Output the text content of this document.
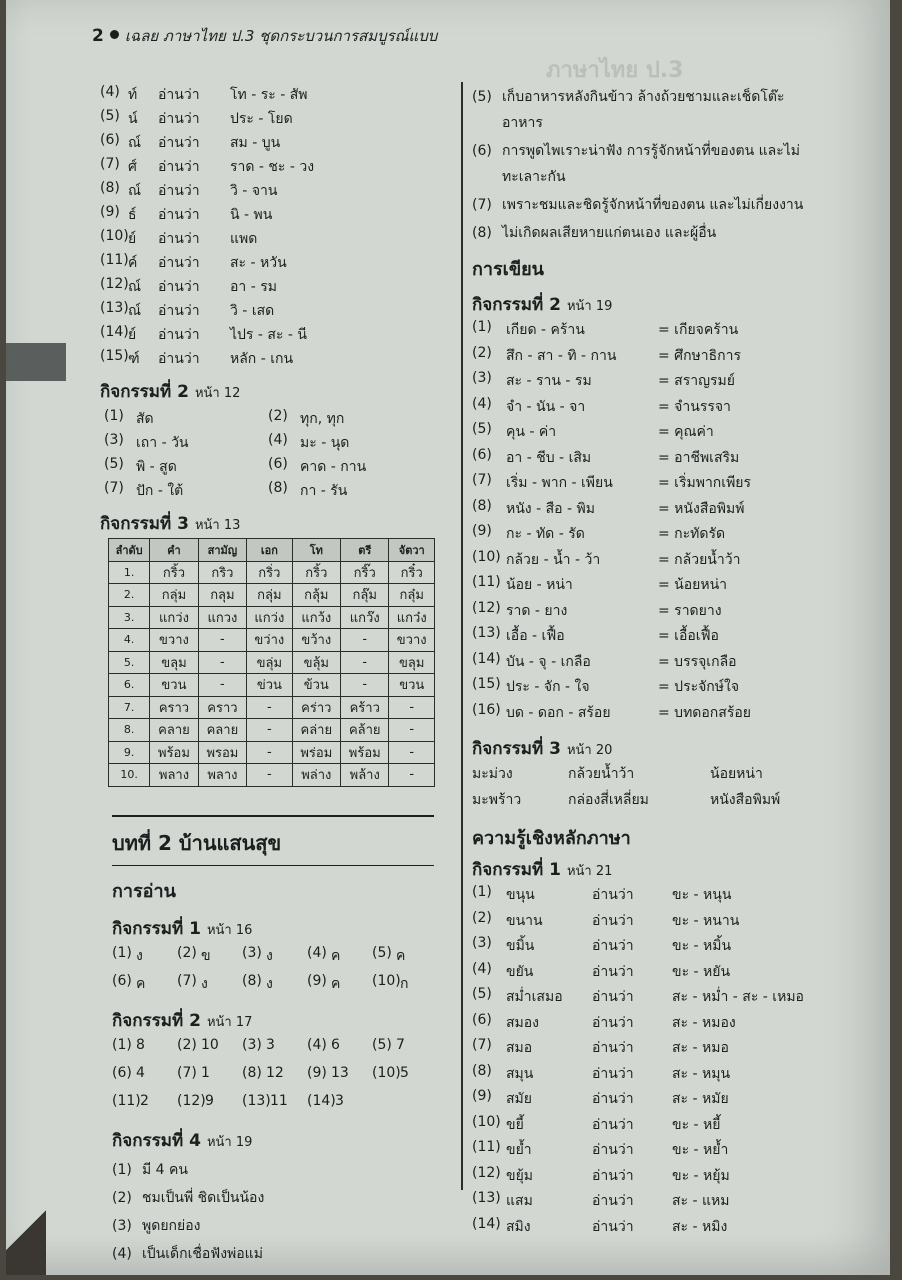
ภาษาไทย ป.3
2 เฉลย ภาษาไทย ป.3 ชุดกระบวนการสมบูรณ์แบบ
(4) ท์ อ่านว่า โท - ระ - สัพ
(5) น์ อ่านว่า ประ - โยด
(6) ณ์ อ่านว่า สม - บูน
(7) ศ์ อ่านว่า ราด - ชะ - วง
(8) ณ์ อ่านว่า วิ - จาน
(9) ธ์ อ่านว่า นิ - พน
(10) ย์ อ่านว่า แพด
(11) ค์ อ่านว่า สะ - หวัน
(12) ณ์ อ่านว่า อา - รม
(13) ณ์ อ่านว่า วิ - เสด
(14) ย์ อ่านว่า ไปร - สะ - นี
(15) ฑ์ อ่านว่า หลัก - เกน
กิจกรรมที่ 2 หน้า 12
(1) สัด	(2) ทุก, ทุก
(3) เถา - วัน	(4) มะ - นุด
(5) พิ - สูด	(6) คาด - กาน
(7) ปัก - ใต้	(8) กา - รัน
กิจกรรมที่ 3 หน้า 13
ลำดับ	คำ	สามัญ	เอก	โท	ตรี	จัตวา
1.	กริ้ว	กริว	กริ่ว	กริ้ว	กริ๊ว	กริ๋ว
2.	กลุ่ม	กลุม	กลุ่ม	กลุ้ม	กลุ๊ม	กลุ๋ม
3.	แกว่ง	แกวง	แกว่ง	แกว้ง	แกว๊ง	แกว๋ง
4.	ขวาง	-	ขว่าง	ขว้าง	-	ขวาง
5.	ขลุม	-	ขลุ่ม	ขลุ้ม	-	ขลุม
6.	ขวน	-	ข่วน	ข้วน	-	ขวน
7.	คราว	คราว	-	คร่าว	คร้าว	-
8.	คลาย	คลาย	-	คล่าย	คล้าย	-
9.	พร้อม	พรอม	-	พร่อม	พร้อม	-
10.	พลาง	พลาง	-	พล่าง	พล้าง	-
บทที่ 2 บ้านแสนสุข
การอ่าน
กิจกรรมที่ 1 หน้า 16
(1) ง (2) ข (3) ง (4) ค (5) ค
(6) ค (7) ง (8) ง (9) ค (10) ก
กิจกรรมที่ 2 หน้า 17
(1) 8 (2) 10 (3) 3 (4) 6 (5) 7
(6) 4 (7) 1 (8) 12 (9) 13 (10) 5
(11) 2 (12) 9 (13) 11 (14) 3
กิจกรรมที่ 4 หน้า 19
(1) มี 4 คน
(2) ชมเป็นพี่ ชิดเป็นน้อง
(3) พูดยกย่อง
(4) เป็นเด็กเชื่อฟังพ่อแม่
(5) เก็บอาหารหลังกินข้าว ล้างถ้วยชามและเช็ดโต๊ะอาหาร
(6) การพูดไพเราะน่าฟัง การรู้จักหน้าที่ของตน และไม่ทะเลาะกัน
(7) เพราะชมและชิดรู้จักหน้าที่ของตน และไม่เกี่ยงงาน
(8) ไม่เกิดผลเสียหายแก่ตนเอง และผู้อื่น
การเขียน
กิจกรรมที่ 2 หน้า 19
(1) เกียด - คร้าน	= เกียจคร้าน
(2) สึก - สา - ทิ - กาน	= ศึกษาธิการ
(3) สะ - ราน - รม	= สราญรมย์
(4) จำ - นัน - จา	= จำนรรจา
(5) คุน - ค่า	= คุณค่า
(6) อา - ชีบ - เสิม	= อาชีพเสริม
(7) เริ่ม - พาก - เพียน	= เริ่มพากเพียร
(8) หนัง - สือ - พิม	= หนังสือพิมพ์
(9) กะ - ทัด - รัด	= กะทัดรัด
(10) กล้วย - น้ำ - ว้า	= กล้วยน้ำว้า
(11) น้อย - หน่า	= น้อยหน่า
(12) ราด - ยาง	= ราดยาง
(13) เอื้อ - เฟื้อ	= เอื้อเฟื้อ
(14) บัน - จุ - เกลือ	= บรรจุเกลือ
(15) ประ - จัก - ใจ	= ประจักษ์ใจ
(16) บด - ดอก - สร้อย	= บทดอกสร้อย
กิจกรรมที่ 3 หน้า 20
มะม่วง	กล้วยน้ำว้า	น้อยหน่า
มะพร้าว	กล่องสี่เหลี่ยม	หนังสือพิมพ์
ความรู้เชิงหลักภาษา
กิจกรรมที่ 1 หน้า 21
(1) ขนุน	อ่านว่า	ขะ - หนุน
(2) ขนาน	อ่านว่า	ขะ - หนาน
(3) ขมิ้น	อ่านว่า	ขะ - หมิ้น
(4) ขยัน	อ่านว่า	ขะ - หยัน
(5) สม่ำเสมอ อ่านว่า	สะ - หม่ำ - สะ - เหมอ
(6) สมอง	อ่านว่า	สะ - หมอง
(7) สมอ	อ่านว่า	สะ - หมอ
(8) สมุน	อ่านว่า	สะ - หมุน
(9) สมัย	อ่านว่า	สะ - หมัย
(10) ขยี้	อ่านว่า	ขะ - หยี้
(11) ขย้ำ	อ่านว่า	ขะ - หย้ำ
(12) ขยุ้ม	อ่านว่า	ขะ - หยุ้ม
(13) แสม	อ่านว่า	สะ - แหม
(14) สมิง	อ่านว่า	สะ - หมิง
